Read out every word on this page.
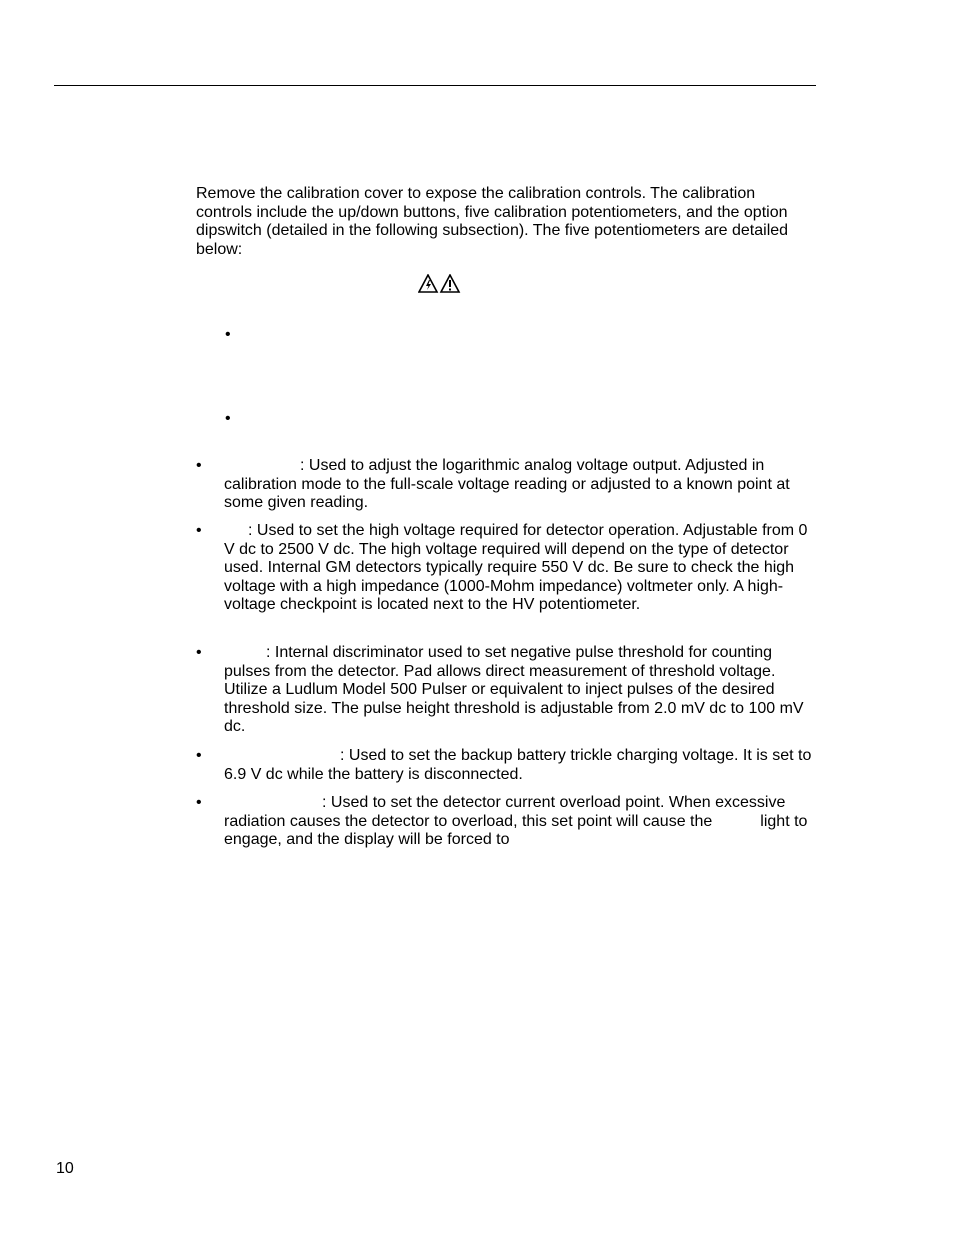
Remove the calibration cover to expose the calibration controls. The calibration controls include the up/down buttons, five calibration potentiometers, and the option dipswitch (detailed in the following subsection). The five potentiometers are detailed below:

•
•
•	: Used to adjust the logarithmic analog voltage output. Adjusted in calibration mode to the full-scale voltage reading or adjusted to a known point at some given reading.

•	: Used to set the high voltage required for detector operation. Adjustable from 0 V dc to 2500 V dc. The high voltage required will depend on the type of detector used. Internal GM detectors typically require 550 V dc. Be sure to check the high voltage with a high impedance (1000-Mohm impedance) voltmeter only. A high-voltage checkpoint is located next to the HV potentiometer.

•	: Internal discriminator used to set negative pulse threshold for counting pulses from the detector. Pad allows direct measurement of threshold voltage. Utilize a Ludlum Model 500 Pulser or equivalent to inject pulses of the desired threshold size. The pulse height threshold is adjustable from 2.0 mV dc to 100 mV dc.

•	: Used to set the backup battery trickle charging voltage. It is set to 6.9 V dc while the battery is disconnected.

•	: Used to set the detector current overload point. When excessive radiation causes the detector to overload, this set point will cause the	light to engage, and the display will be forced to

10
